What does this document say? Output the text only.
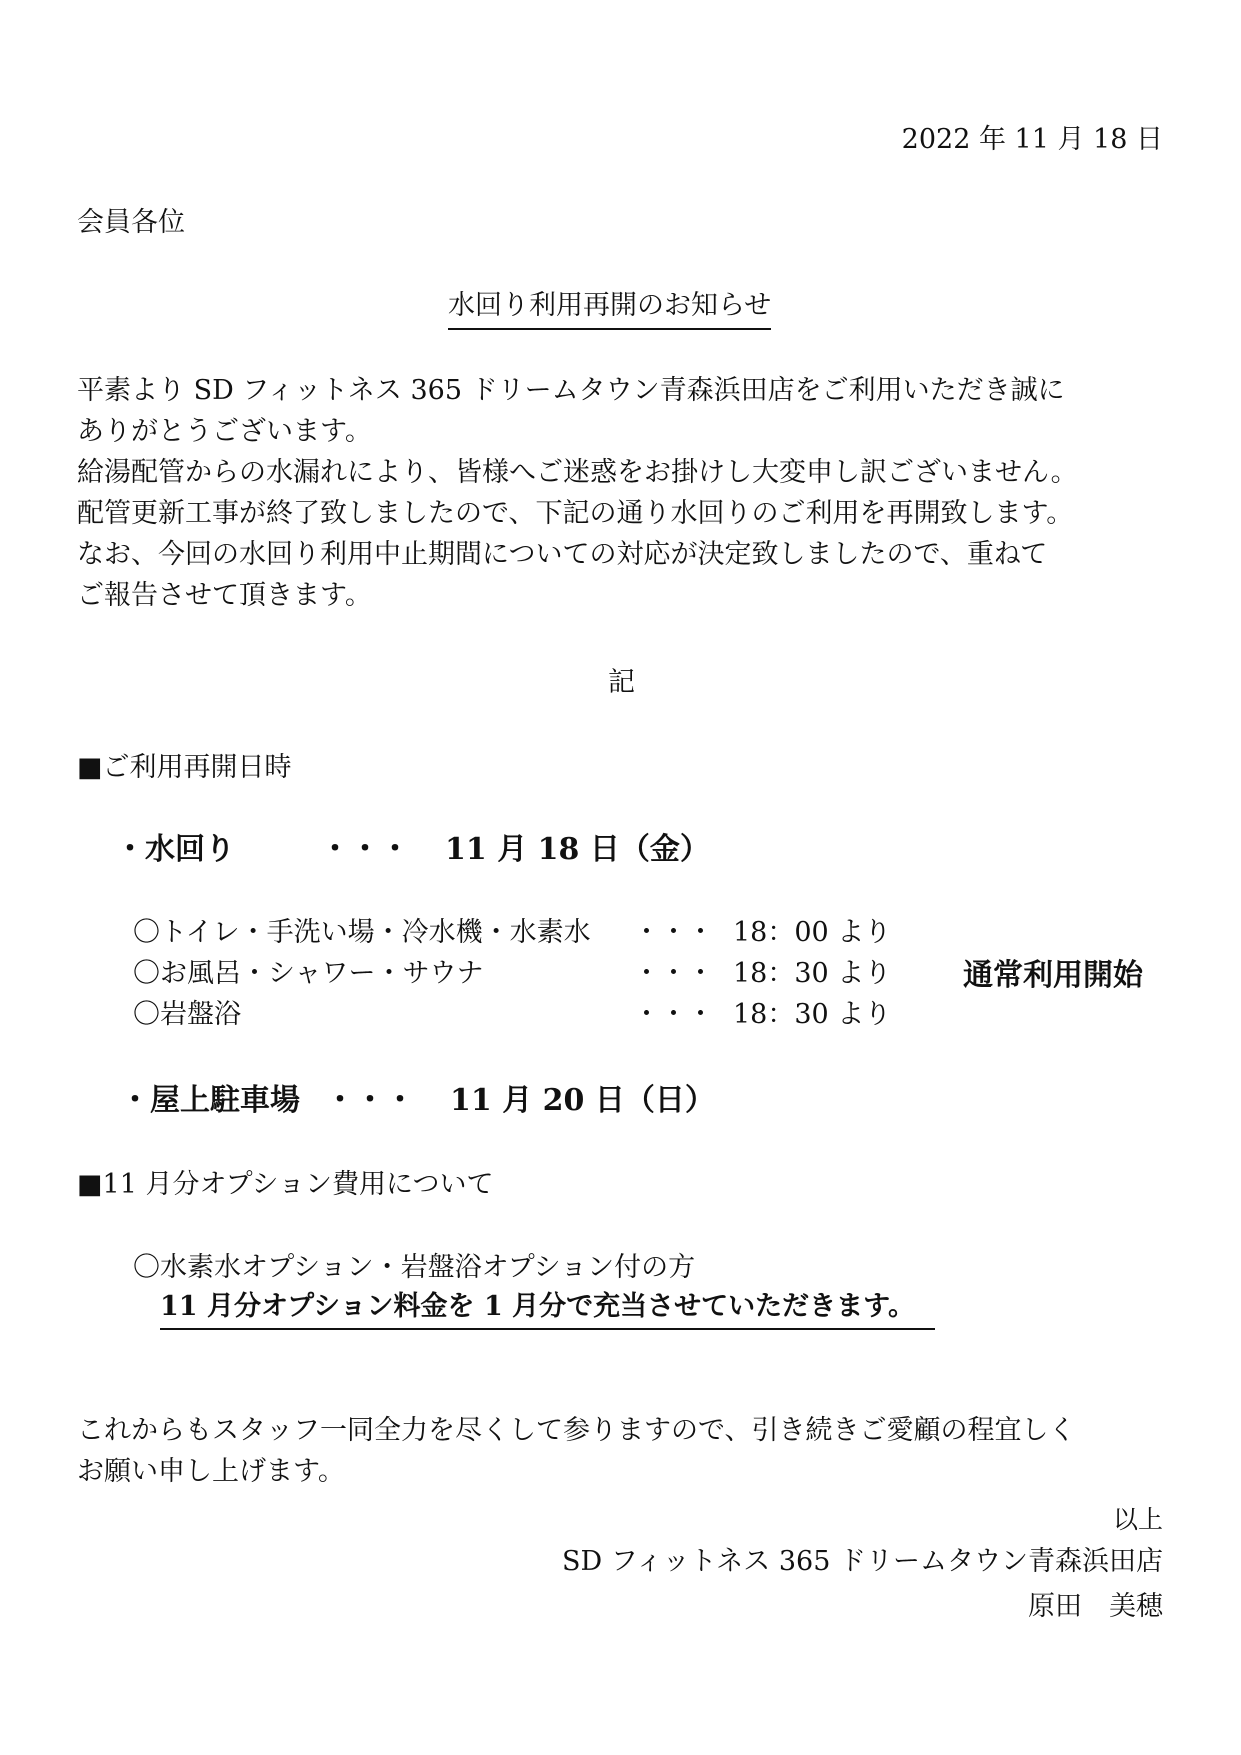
2022 年 11 月 18 日
会員各位
水回り利用再開のお知らせ
平素より SD フィットネス 365 ドリームタウン青森浜田店をご利用いただき誠に
ありがとうございます。
給湯配管からの水漏れにより、皆様へご迷惑をお掛けし大変申し訳ございません。
配管更新工事が終了致しましたので、下記の通り水回りのご利用を再開致します。
なお、今回の水回り利用中止期間についての対応が決定致しましたので、重ねて
ご報告させて頂きます。
記
■ご利用再開日時
・水回り	・・・ 11 月 18 日（金）
〇トイレ・手洗い場・冷水機・水素水 ・・・ 18：00 より
〇お風呂・シャワー・サウナ	・・・ 18：30 より
〇岩盤浴	・・・ 18：30 より
通常利用開始
・屋上駐車場 ・・・ 11 月 20 日（日）
■11 月分オプション費用について
〇水素水オプション・岩盤浴オプション付の方
11 月分オプション料金を 1 月分で充当させていただきます。
これからもスタッフ一同全力を尽くして参りますので、引き続きご愛顧の程宜しく
お願い申し上げます。
以上
SD フィットネス 365 ドリームタウン青森浜田店
原田　美穂
